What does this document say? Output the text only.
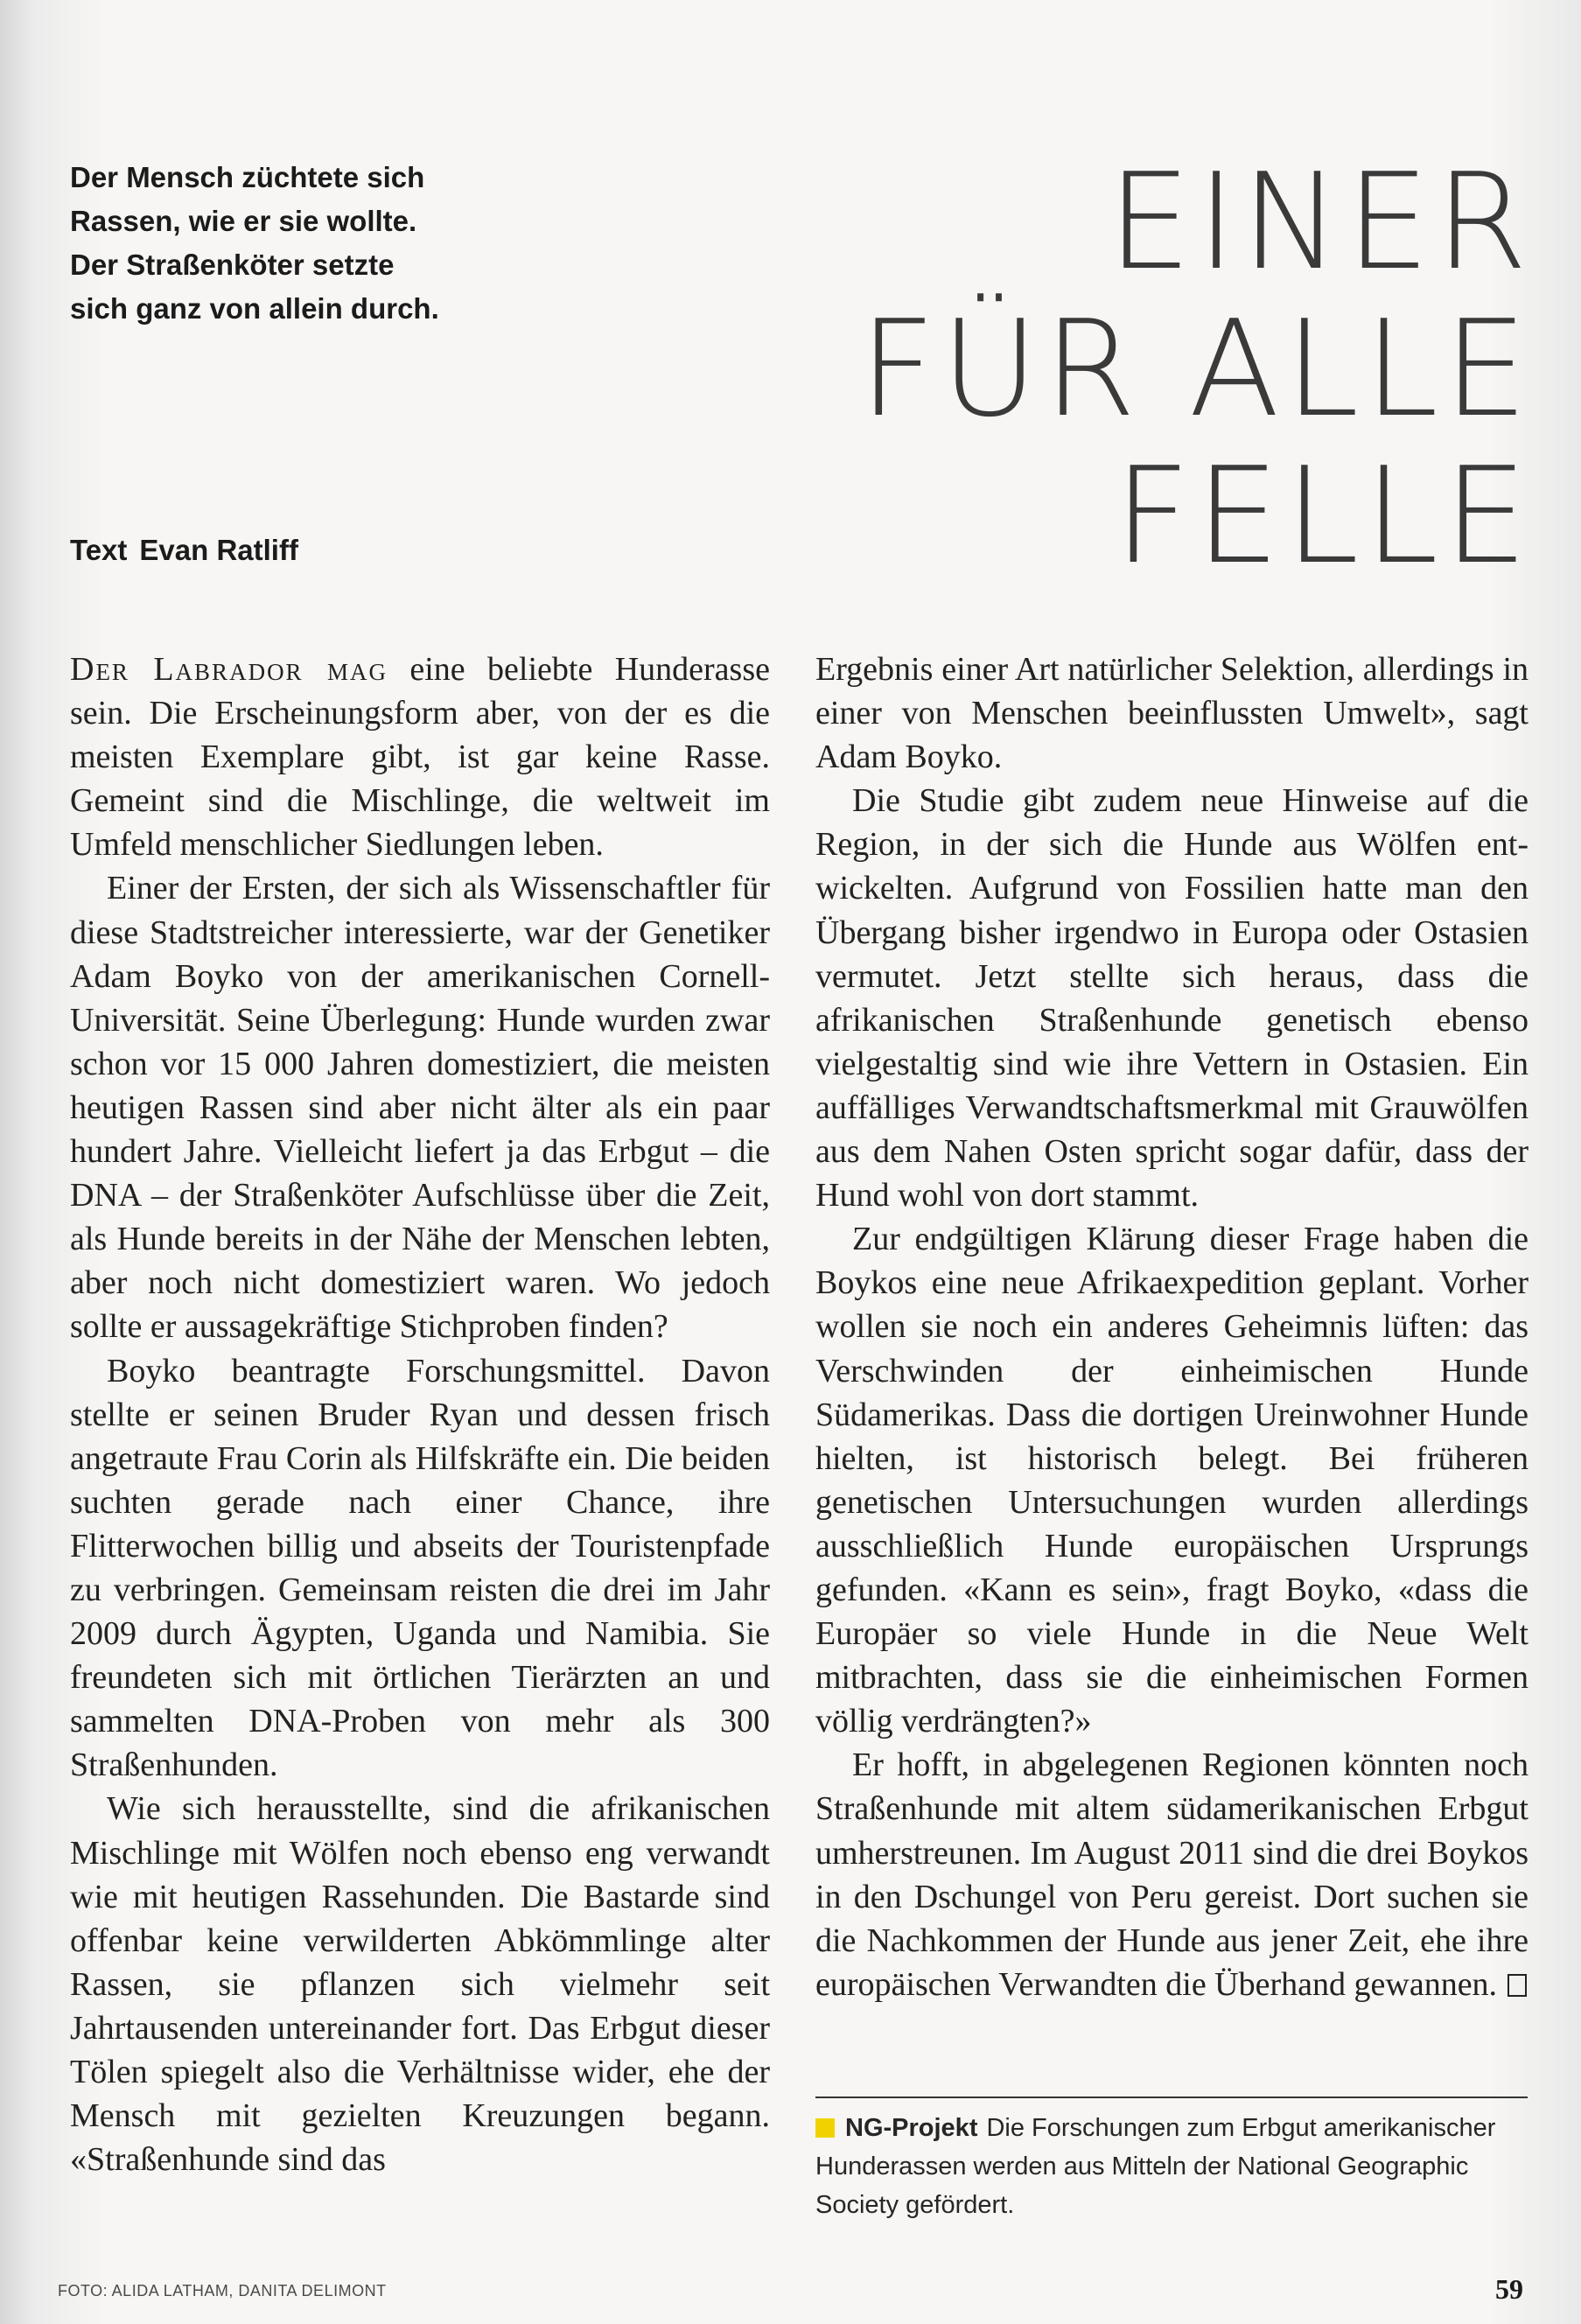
Der Mensch züchtete sich
Rassen, wie er sie wollte.
Der Straßenköter setzte
sich ganz von allein durch.
Text Evan Ratliff
EINER
FÜR ALLE
FELLE

Der Labrador mag eine beliebte Hunderasse sein. Die Erscheinungsform aber, von der es die meisten Exemplare gibt, ist gar keine Rasse. Gemeint sind die Mischlinge, die weltweit im Umfeld menschlicher Siedlungen leben.

Einer der Ersten, der sich als Wissenschaftler für diese Stadtstreicher interessierte, war der Genetiker Adam Boyko von der amerikanischen Cornell-Universität. Seine Überlegung: Hunde wurden zwar schon vor 15 000 Jahren domestiziert, die meisten heutigen Rassen sind aber nicht älter als ein paar hundert Jahre. Vielleicht liefert ja das Erbgut – die DNA – der Straßenköter Aufschlüsse über die Zeit, als Hunde bereits in der Nähe der Menschen lebten, aber noch nicht domestiziert waren. Wo jedoch sollte er aussagekräftige Stichproben finden?

Boyko beantragte Forschungsmittel. Davon stellte er seinen Bruder Ryan und dessen frisch angetraute Frau Corin als Hilfskräfte ein. Die beiden suchten gerade nach einer Chance, ihre Flitterwochen billig und abseits der Touristenpfade zu verbringen. Gemeinsam reisten die drei im Jahr 2009 durch Ägypten, Uganda und Namibia. Sie freundeten sich mit örtlichen Tierärzten an und sammelten DNA-Proben von mehr als 300 Straßenhunden.

Wie sich herausstellte, sind die afrikanischen Mischlinge mit Wölfen noch ebenso eng verwandt wie mit heutigen Rassehunden. Die Bastarde sind offenbar keine verwilderten Abkömmlinge alter Rassen, sie pflanzen sich vielmehr seit Jahrtausenden untereinander fort. Das Erbgut dieser Tölen spiegelt also die Verhältnisse wider, ehe der Mensch mit gezielten Kreuzungen begann. «Straßenhunde sind das

Ergebnis einer Art natürlicher Selektion, allerdings in einer von Menschen beeinflussten Umwelt», sagt Adam Boyko.

Die Studie gibt zudem neue Hinweise auf die Region, in der sich die Hunde aus Wölfen entwickelten. Aufgrund von Fossilien hatte man den Übergang bisher irgendwo in Europa oder Ostasien vermutet. Jetzt stellte sich heraus, dass die afrikanischen Straßenhunde genetisch ebenso vielgestaltig sind wie ihre Vettern in Ostasien. Ein auffälliges Verwandtschaftsmerkmal mit Grauwölfen aus dem Nahen Osten spricht sogar dafür, dass der Hund wohl von dort stammt.

Zur endgültigen Klärung dieser Frage haben die Boykos eine neue Afrikaexpedition geplant. Vorher wollen sie noch ein anderes Geheimnis lüften: das Verschwinden der einheimischen Hunde Südamerikas. Dass die dortigen Ureinwohner Hunde hielten, ist historisch belegt. Bei früheren genetischen Untersuchungen wurden allerdings ausschließlich Hunde europäischen Ursprungs gefunden. «Kann es sein», fragt Boyko, «dass die Europäer so viele Hunde in die Neue Welt mitbrachten, dass sie die einheimischen Formen völlig verdrängten?»

Er hofft, in abgelegenen Regionen könnten noch Straßenhunde mit altem südamerikanischen Erbgut umherstreunen. Im August 2011 sind die drei Boykos in den Dschungel von Peru gereist. Dort suchen sie die Nachkommen der Hunde aus jener Zeit, ehe ihre europäischen Verwandten die Überhand gewannen.

NG-Projekt Die Forschungen zum Erbgut amerikanischer Hunderassen werden aus Mitteln der National Geographic Society gefördert.
FOTO: ALIDA LATHAM, DANITA DELIMONT	59
